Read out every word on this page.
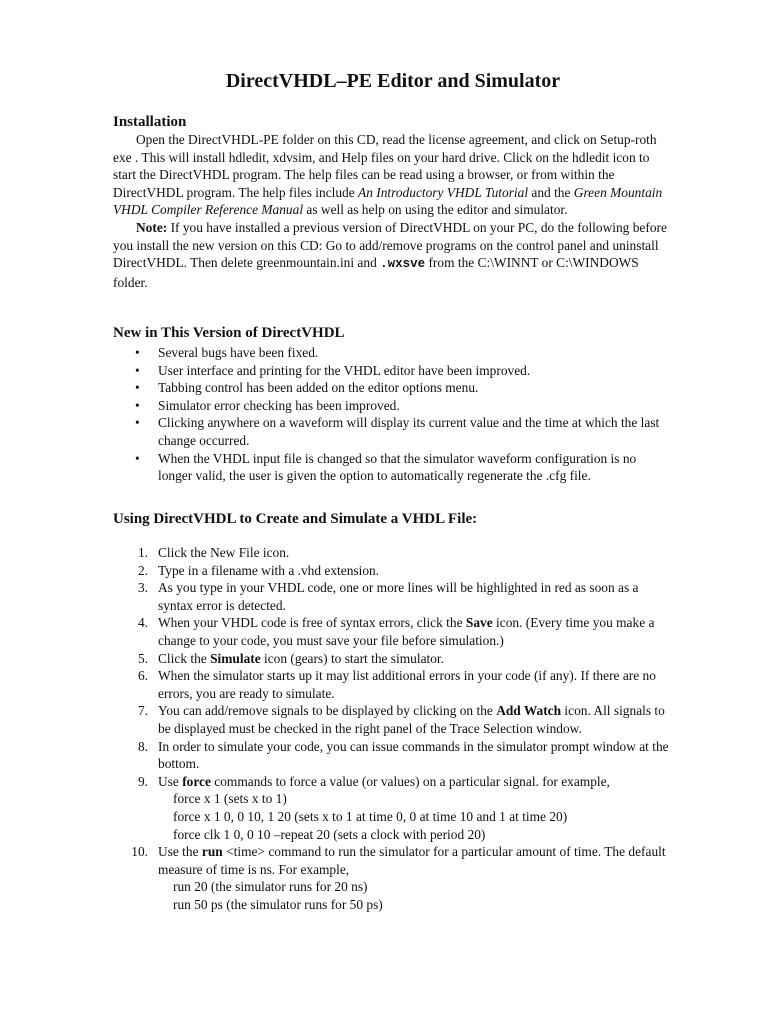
DirectVHDL–PE Editor and Simulator
Installation

Open the DirectVHDL-PE folder on this CD, read the license agreement, and click on Setup-roth exe . This will install hdledit, xdvsim, and Help files on your hard drive. Click on the hdledit icon to start the DirectVHDL program. The help files can be read using a browser, or from within the DirectVHDL program. The help files include An Introductory VHDL Tutorial and the Green Mountain VHDL Compiler Reference Manual as well as help on using the editor and simulator.

Note: If you have installed a previous version of DirectVHDL on your PC, do the following before you install the new version on this CD: Go to add/remove programs on the control panel and uninstall DirectVHDL. Then delete greenmountain.ini and .wxsve from the C:\WINNT or C:\WINDOWS folder.

New in This Version of DirectVHDL
• Several bugs have been fixed.
• User interface and printing for the VHDL editor have been improved.
• Tabbing control has been added on the editor options menu.
• Simulator error checking has been improved.
• Clicking anywhere on a waveform will display its current value and the time at which the last change occurred.
• When the VHDL input file is changed so that the simulator waveform configuration is no longer valid, the user is given the option to automatically regenerate the .cfg file.
Using DirectVHDL to Create and Simulate a VHDL File:
1. Click the New File icon.
2. Type in a filename with a .vhd extension.
3. As you type in your VHDL code, one or more lines will be highlighted in red as soon as a syntax error is detected.
4. When your VHDL code is free of syntax errors, click the Save icon. (Every time you make a change to your code, you must save your file before simulation.)
5. Click the Simulate icon (gears) to start the simulator.
6. When the simulator starts up it may list additional errors in your code (if any). If there are no errors, you are ready to simulate.
7. You can add/remove signals to be displayed by clicking on the Add Watch icon. All signals to be displayed must be checked in the right panel of the Trace Selection window.
8. In order to simulate your code, you can issue commands in the simulator prompt window at the bottom.
9. Use force commands to force a value (or values) on a particular signal. for example,
force x 1 (sets x to 1)
force x 1 0, 0 10, 1 20 (sets x to 1 at time 0, 0 at time 10 and 1 at time 20)
force clk 1 0, 0 10 –repeat 20 (sets a clock with period 20)
10. Use the run <time> command to run the simulator for a particular amount of time. The default measure of time is ns. For example,
run 20 (the simulator runs for 20 ns)
run 50 ps (the simulator runs for 50 ps)
